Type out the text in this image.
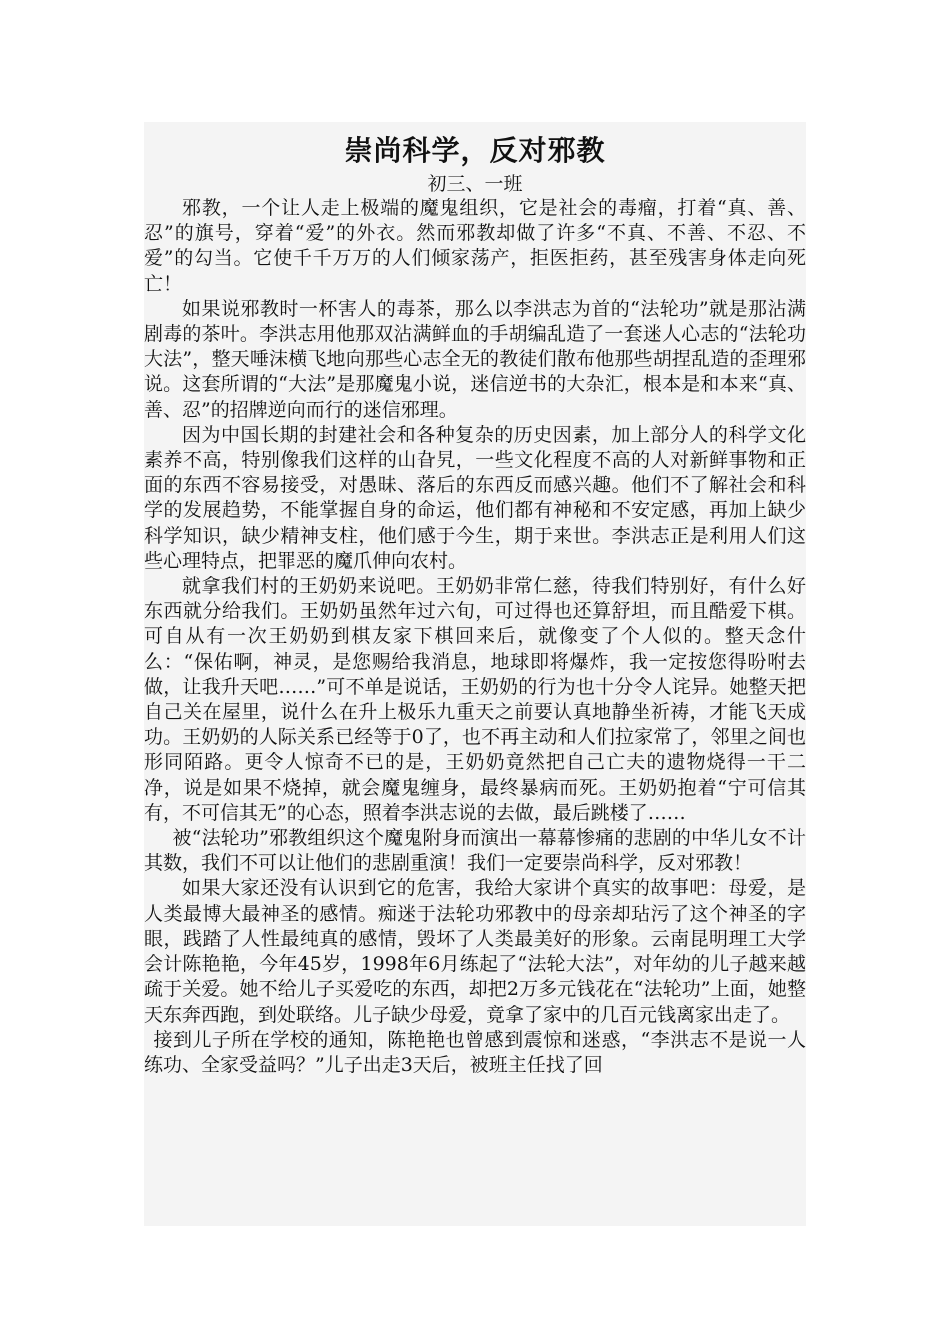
崇尚科学，反对邪教

初三、一班

邪教，一个让人走上极端的魔鬼组织，它是社会的毒瘤，打着“真、善、忍”的旗号，穿着“爱”的外衣。然而邪教却做了许多“不真、不善、不忍、不爱”的勾当。它使千千万万的人们倾家荡产，拒医拒药，甚至残害身体走向死亡！

如果说邪教时一杯害人的毒茶，那么以李洪志为首的“法轮功”就是那沾满剧毒的茶叶。李洪志用他那双沾满鲜血的手胡编乱造了一套迷人心志的“法轮功大法”，整天唾沫横飞地向那些心志全无的教徒们散布他那些胡捏乱造的歪理邪说。这套所谓的“大法”是那魔鬼小说，迷信逆书的大杂汇，根本是和本来“真、善、忍”的招牌逆向而行的迷信邪理。

因为中国长期的封建社会和各种复杂的历史因素，加上部分人的科学文化素养不高，特别像我们这样的山旮旯，一些文化程度不高的人对新鲜事物和正面的东西不容易接受，对愚昧、落后的东西反而感兴趣。他们不了解社会和科学的发展趋势，不能掌握自身的命运，他们都有神秘和不安定感，再加上缺少科学知识，缺少精神支柱，他们感于今生，期于来世。李洪志正是利用人们这些心理特点，把罪恶的魔爪伸向农村。

就拿我们村的王奶奶来说吧。王奶奶非常仁慈，待我们特别好，有什么好东西就分给我们。王奶奶虽然年过六旬，可过得也还算舒坦，而且酷爱下棋。可自从有一次王奶奶到棋友家下棋回来后，就像变了个人似的。整天念什么：“保佑啊，神灵，是您赐给我消息，地球即将爆炸，我一定按您得吩咐去做，让我升天吧……”可不单是说话，王奶奶的行为也十分令人诧异。她整天把自己关在屋里，说什么在升上极乐九重天之前要认真地静坐祈祷，才能飞天成功。王奶奶的人际关系已经等于0了，也不再主动和人们拉家常了，邻里之间也形同陌路。更令人惊奇不已的是，王奶奶竟然把自己亡夫的遗物烧得一干二净，说是如果不烧掉，就会魔鬼缠身，最终暴病而死。王奶奶抱着“宁可信其有，不可信其无”的心态，照着李洪志说的去做，最后跳楼了……

被“法轮功”邪教组织这个魔鬼附身而演出一幕幕惨痛的悲剧的中华儿女不计其数，我们不可以让他们的悲剧重演！我们一定要崇尚科学，反对邪教！

如果大家还没有认识到它的危害，我给大家讲个真实的故事吧：母爱，是人类最博大最神圣的感情。痴迷于法轮功邪教中的母亲却玷污了这个神圣的字眼，践踏了人性最纯真的感情，毁坏了人类最美好的形象。云南昆明理工大学会计陈艳艳，今年45岁，1998年6月练起了“法轮大法”，对年幼的儿子越来越疏于关爱。她不给儿子买爱吃的东西，却把2万多元钱花在“法轮功”上面，她整天东奔西跑，到处联络。儿子缺少母爱，竟拿了家中的几百元钱离家出走了。

接到儿子所在学校的通知，陈艳艳也曾感到震惊和迷惑，“李洪志不是说一人练功、全家受益吗？”儿子出走3天后，被班主任找了回
